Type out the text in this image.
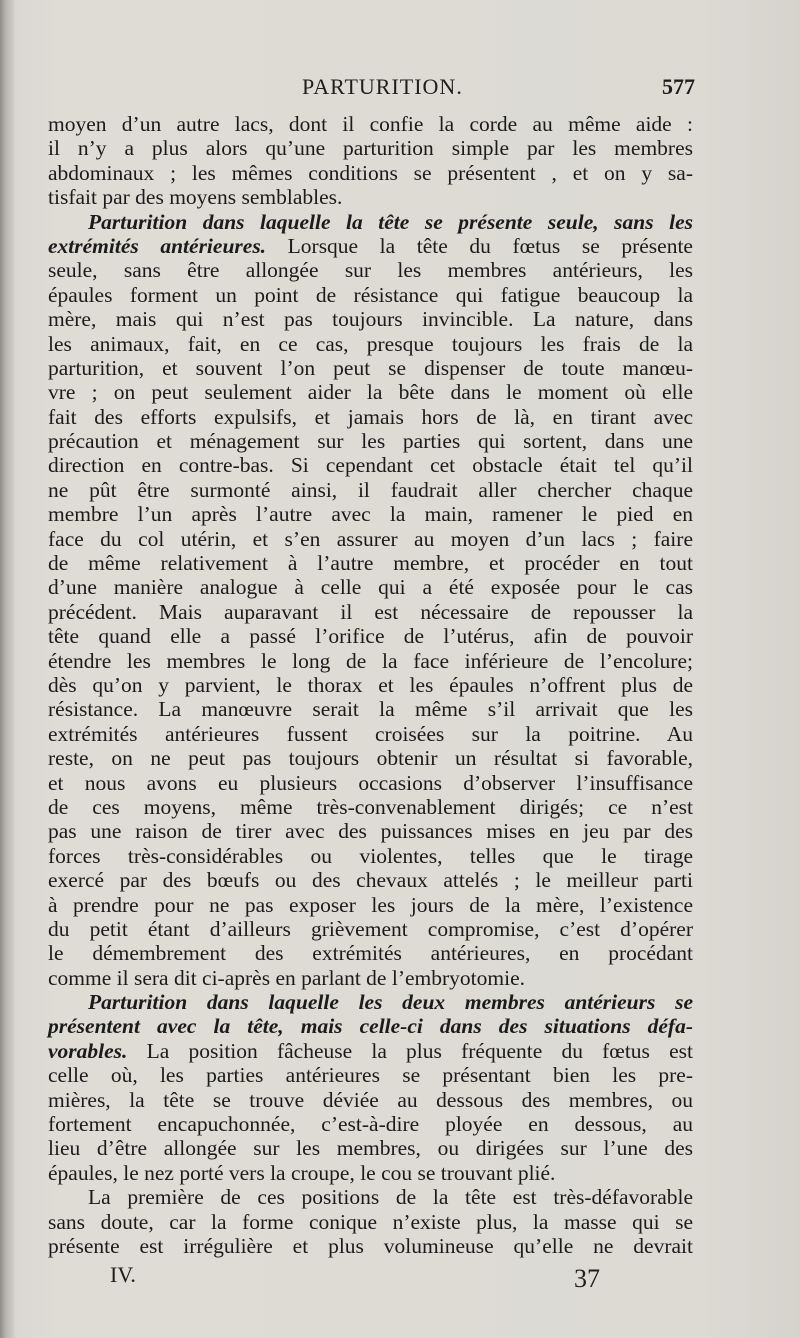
PARTURITION.	577
moyen d’un autre lacs, dont il confie la corde au même aide :
il n’y a plus alors qu’une parturition simple par les membres
abdominaux ; les mêmes conditions se présentent , et on y sa-
tisfait par des moyens semblables.
Parturition dans laquelle la tête se présente seule, sans les
extrémités antérieures. Lorsque la tête du fœtus se présente
seule, sans être allongée sur les membres antérieurs, les
épaules forment un point de résistance qui fatigue beaucoup la
mère, mais qui n’est pas toujours invincible. La nature, dans
les animaux, fait, en ce cas, presque toujours les frais de la
parturition, et souvent l’on peut se dispenser de toute manœu-
vre ; on peut seulement aider la bête dans le moment où elle
fait des efforts expulsifs, et jamais hors de là, en tirant avec
précaution et ménagement sur les parties qui sortent, dans une
direction en contre-bas. Si cependant cet obstacle était tel qu’il
ne pût être surmonté ainsi, il faudrait aller chercher chaque
membre l’un après l’autre avec la main, ramener le pied en
face du col utérin, et s’en assurer au moyen d’un lacs ; faire
de même relativement à l’autre membre, et procéder en tout
d’une manière analogue à celle qui a été exposée pour le cas
précédent. Mais auparavant il est nécessaire de repousser la
tête quand elle a passé l’orifice de l’utérus, afin de pouvoir
étendre les membres le long de la face inférieure de l’encolure;
dès qu’on y parvient, le thorax et les épaules n’offrent plus de
résistance. La manœuvre serait la même s’il arrivait que les
extrémités antérieures fussent croisées sur la poitrine. Au
reste, on ne peut pas toujours obtenir un résultat si favorable,
et nous avons eu plusieurs occasions d’observer l’insuffisance
de ces moyens, même très-convenablement dirigés; ce n’est
pas une raison de tirer avec des puissances mises en jeu par des
forces très-considérables ou violentes, telles que le tirage
exercé par des bœufs ou des chevaux attelés ; le meilleur parti
à prendre pour ne pas exposer les jours de la mère, l’existence
du petit étant d’ailleurs grièvement compromise, c’est d’opérer
le démembrement des extrémités antérieures, en procédant
comme il sera dit ci-après en parlant de l’embryotomie.
Parturition dans laquelle les deux membres antérieurs se
présentent avec la tête, mais celle-ci dans des situations défa-
vorables. La position fâcheuse la plus fréquente du fœtus est
celle où, les parties antérieures se présentant bien les pre-
mières, la tête se trouve déviée au dessous des membres, ou
fortement encapuchonnée, c’est-à-dire ployée en dessous, au
lieu d’être allongée sur les membres, ou dirigées sur l’une des
épaules, le nez porté vers la croupe, le cou se trouvant plié.
La première de ces positions de la tête est très-défavorable
sans doute, car la forme conique n’existe plus, la masse qui se
présente est irrégulière et plus volumineuse qu’elle ne devrait
IV.	37
